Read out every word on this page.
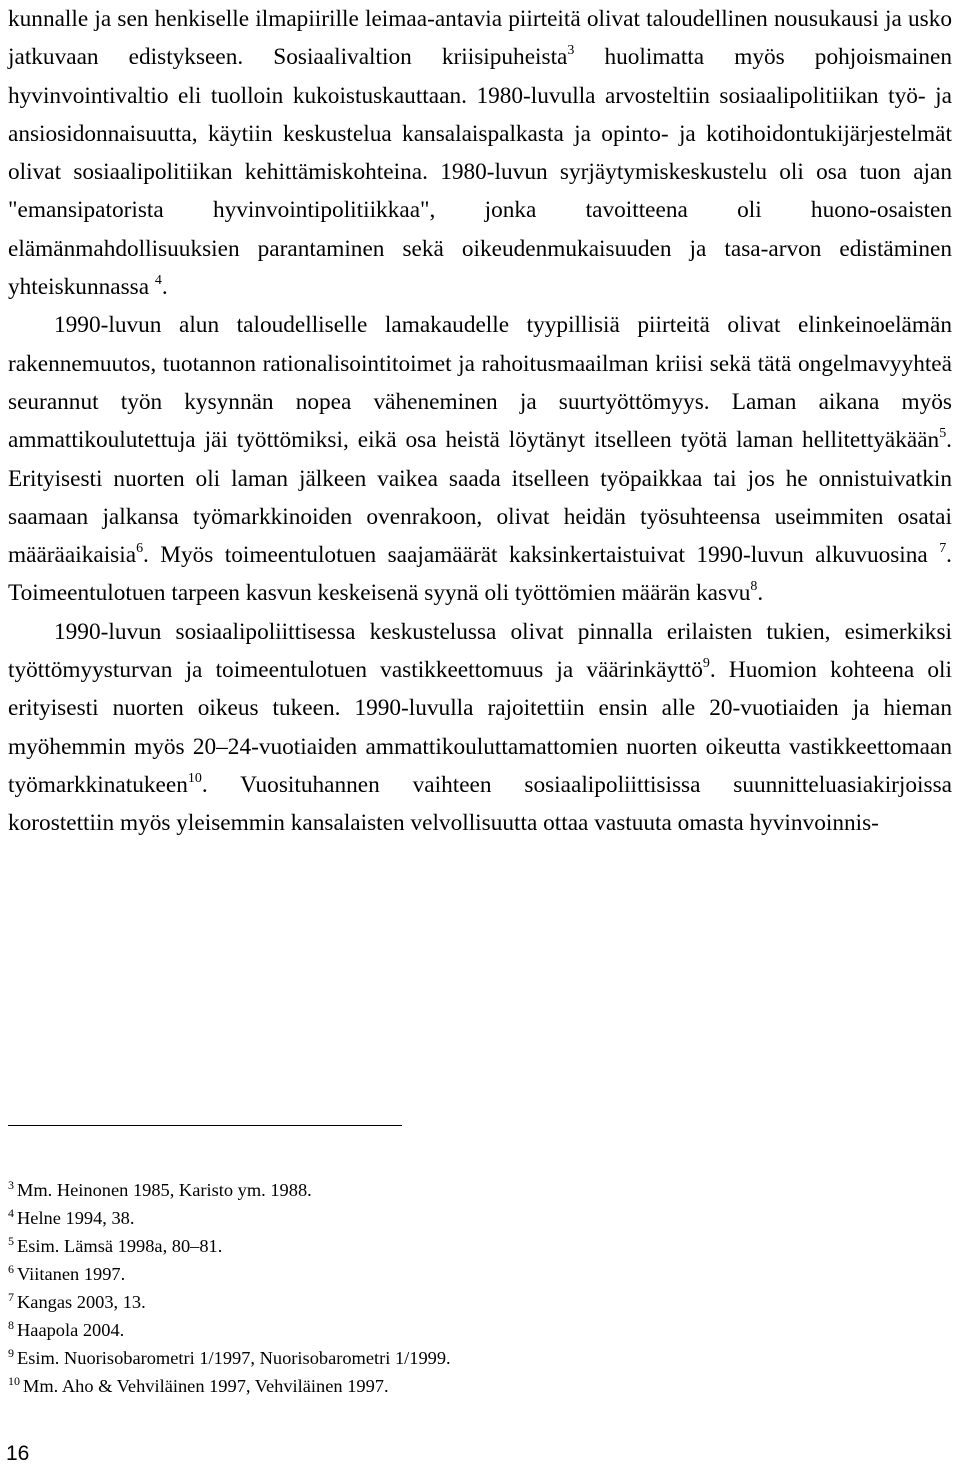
kunnalle ja sen henkiselle ilmapiirille leimaa-antavia piirteitä olivat taloudellinen nousukausi ja usko jatkuvaan edistykseen. Sosiaalivaltion kriisipuheista$^3$ huolimatta myös pohjoismainen hyvinvointivaltio eli tuolloin kukoistuskauttaan. 1980-luvulla arvosteltiin sosiaalipolitiikan työ- ja ansiosidonnaisuutta, käytiin keskustelua kansalaispalkasta ja opinto- ja kotihoidontukijärjestelmät olivat sosiaalipolitiikan kehittämiskohteina. 1980-luvun syrjäytymiskeskustelu oli osa tuon ajan "emansipatorista hyvinvointipolitiikkaa", jonka tavoitteena oli huono-osaisten elämänmahdollisuuksien parantaminen sekä oikeudenmukaisuuden ja tasa-arvon edistäminen yhteiskunnassa $^4$.

1990-luvun alun taloudelliselle lamakaudelle tyypillisiä piirteitä olivat elinkeinoelämän rakennemuutos, tuotannon rationalisointitoimet ja rahoitusmaailman kriisi sekä tätä ongelmavyyhteä seurannut työn kysynnän nopea väheneminen ja suurtyöttömyys. Laman aikana myös ammattikoulutettuja jäi työttömiksi, eikä osa heistä löytänyt itselleen työtä laman hellitettyäkään$^5$. Erityisesti nuorten oli laman jälkeen vaikea saada itselleen työpaikkaa tai jos he onnistuivatkin saamaan jalkansa työmarkkinoiden ovenrakoon, olivat heidän työsuhteensa useimmiten osatai määräaikaisia$^6$. Myös toimeentulotuen saajamäärät kaksinkertaistuivat 1990-luvun alkuvuosina $^7$. Toimeentulotuen tarpeen kasvun keskeisenä syynä oli työttömien määrän kasvu$^8$.

1990-luvun sosiaalipoliittisessa keskustelussa olivat pinnalla erilaisten tukien, esimerkiksi työttömyysturvan ja toimeentulotuen vastikkeettomuus ja väärinkäyttö$^9$. Huomion kohteena oli erityisesti nuorten oikeus tukeen. 1990-luvulla rajoitettiin ensin alle 20-vuotiaiden ja hieman myöhemmin myös 20–24-vuotiaiden ammattikouluttamattomien nuorten oikeutta vastikkeettomaan työmarkkinatukeen$^{10}$. Vuosituhannen vaihteen sosiaalipoliittisissa suunnitteluasiakirjoissa korostettiin myös yleisemmin kansalaisten velvollisuutta ottaa vastuuta omasta hyvinvoinnis-

$^3$ Mm. Heinonen 1985, Karisto ym. 1988.
$^4$ Helne 1994, 38.
$^5$ Esim. Lämsä 1998a, 80–81.
$^6$ Viitanen 1997.
$^7$ Kangas 2003, 13.
$^8$ Haapola 2004.
$^9$ Esim. Nuorisobarometri 1/1997, Nuorisobarometri 1/1999.
$^{10}$ Mm. Aho & Vehviläinen 1997, Vehviläinen 1997.
16
